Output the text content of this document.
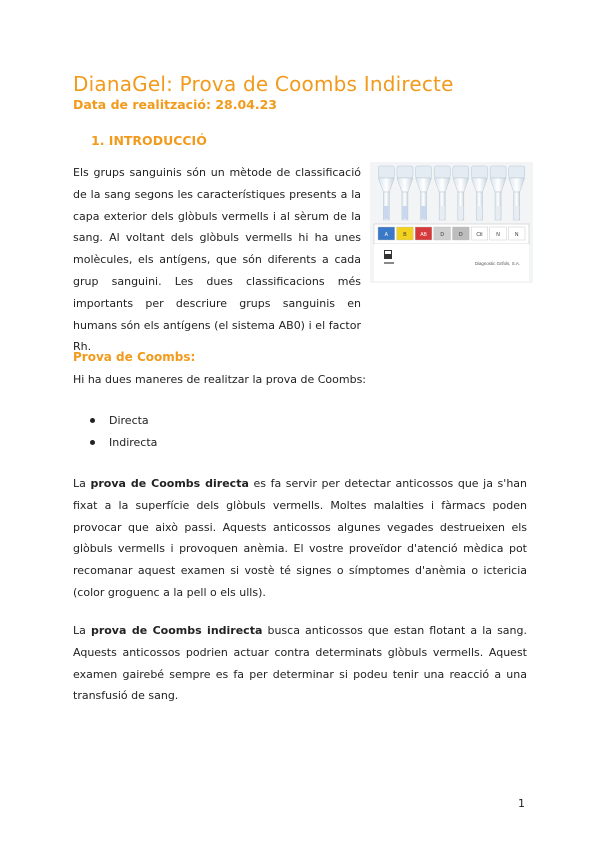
DianaGel: Prova de Coombs Indirecte
Data de realització: 28.04.23
1. INTRODUCCIÓ
Els grups sanguinis són un mètode de classificació de la sang segons les característiques presents a la capa exterior dels glòbuls vermells i al sèrum de la sang. Al voltant dels glòbuls vermells hi ha unes molècules, els antígens, que són diferents a cada grup sanguini. Les dues classificacions més importants per descriure grups sanguinis en humans són els antígens (el sistema AB0) i el factor Rh.
A	B	AB	D	D	Ctl	N	N
Diagnostic Grifols, S.A.
Prova de Coombs:
Hi ha dues maneres de realitzar la prova de Coombs:
Directa
Indirecta
La prova de Coombs directa es fa servir per detectar anticossos que ja s'han fixat a la superfície dels glòbuls vermells. Moltes malalties i fàrmacs poden provocar que això passi. Aquests anticossos algunes vegades destrueixen els glòbuls vermells i provoquen anèmia. El vostre proveïdor d'atenció mèdica pot recomanar aquest examen si vostè té signes o símptomes d'anèmia o ictericia (color groguenc a la pell o els ulls).
La prova de Coombs indirecta busca anticossos que estan flotant a la sang. Aquests anticossos podrien actuar contra determinats glòbuls vermells. Aquest examen gairebé sempre es fa per determinar si podeu tenir una reacció a una transfusió de sang.
1
